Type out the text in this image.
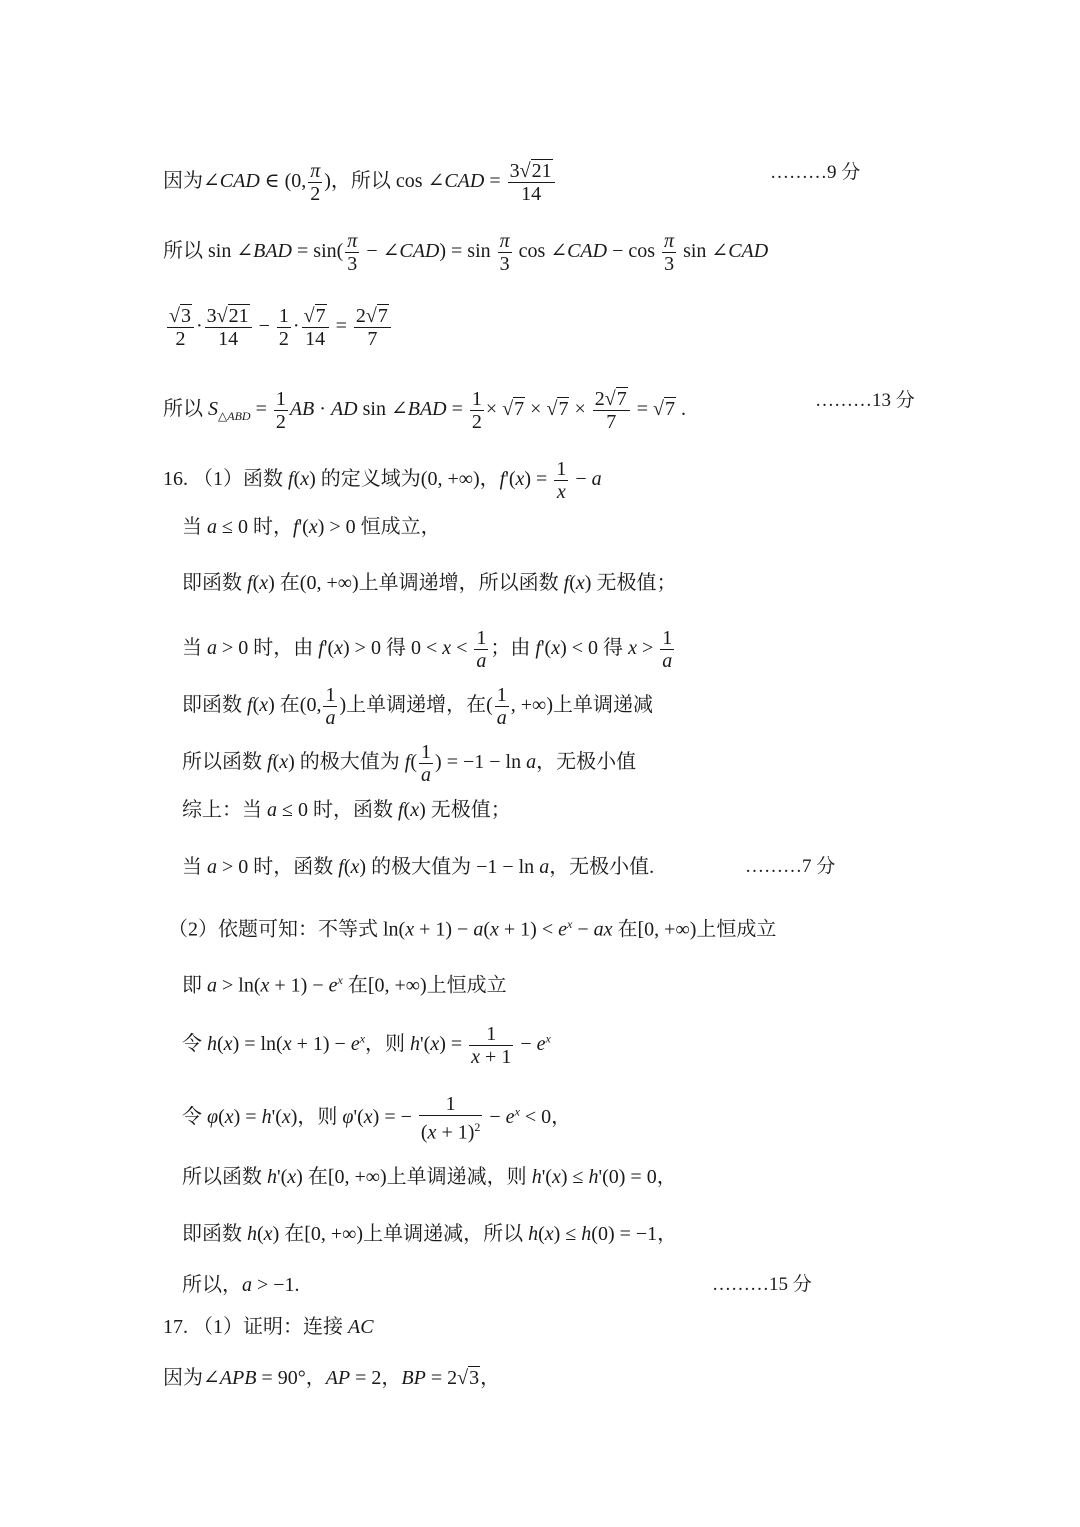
因为∠CAD ∈ (0, $\frac{\pi}{2}$ )，所以 cos ∠CAD = $\frac{3√21}{14}$	………9 分
所以 sin ∠BAD = $\sin( \frac{\pi}{3}$ − ∠CAD) = $\sin \frac{\pi}{3}$ cos ∠CAD − $\cos \frac{\pi}{3}$ sin ∠CAD
$\frac{√3}{2} \cdot \frac{3√21}{14} - \frac{1}{2} \cdot \frac{√7}{14} = \frac{2√7}{7}$
所以 $S_{\triangle ABD} = \frac{1}{2}$ AB · AD sin ∠BAD = $\frac{1}{2} \times √7 \times √7 \times \frac{2√7}{7} = √7$ .	………13 分
16. （1）函数 f(x) 的定义域为(0, +∞)，$f'(x) = \frac{1}{x} - a$
当 a ≤ 0 时，f'(x) > 0 恒成立，
即函数 f(x) 在(0, +∞)上单调递增，所以函数 f(x) 无极值；
当 a > 0 时，由 f'(x) > 0 得 $0 < x < \frac{1}{a}$ ；由 f'(x) < 0 得 $x > \frac{1}{a}$
即函数 f(x) 在(0, $\frac{1}{a}$ )上单调递增，在( $\frac{1}{a}$ , +∞)上单调递减
所以函数 f(x) 的极大值为 $f( \frac{1}{a}$ ) = −1 − ln a，无极小值
综上：当 a ≤ 0 时，函数 f(x) 无极值；
当 a > 0 时，函数 f(x) 的极大值为 −1 − ln a，无极小值.	………7 分
（2）依题可知：不等式 $\ln(x + 1) - a(x + 1) < e^x$ − ax 在[0, +∞)上恒成立
即 $a > \ln(x + 1) - e^x$ 在[0, +∞)上恒成立
令 $h(x) = \ln(x + 1) - e^x$，则 $h'(x) = \frac{1}{x + 1} - e^x$
令 φ(x) = h'(x)，则 φ'(x) = − $\frac{1}{(x + 1)^2} - e^x < 0$，
所以函数 h'(x) 在[0, +∞)上单调递减，则 h'(x) ≤ h'(0) = 0，
即函数 h(x) 在[0, +∞)上单调递减，所以 h(x) ≤ h(0) = −1，
所以，a > −1.	………15 分
17. （1）证明：连接 AC
因为∠APB = 90°，AP = 2，BP = 2√3，
